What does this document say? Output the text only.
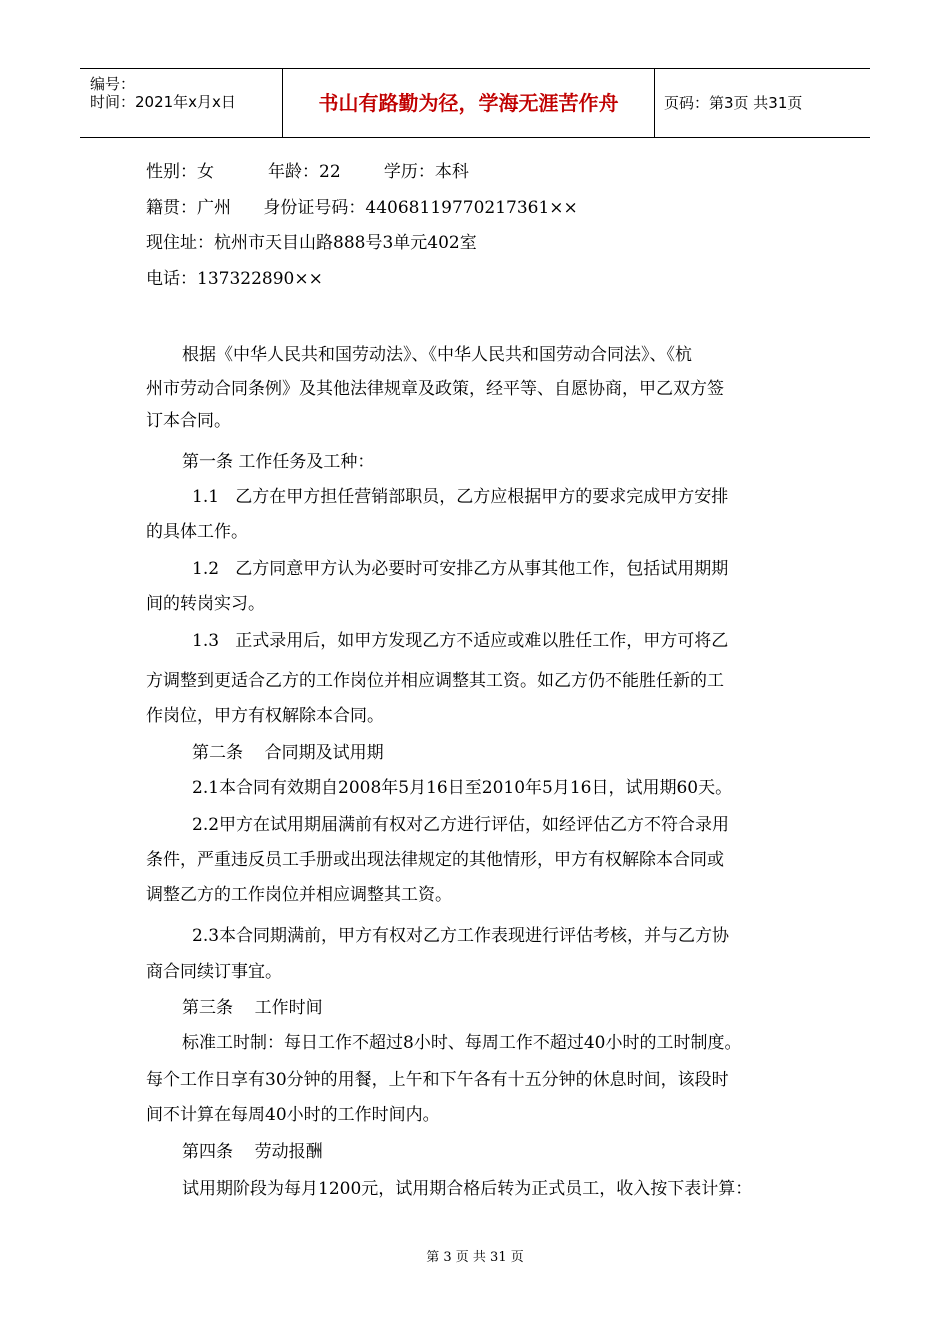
编号：
时间：2021年x月x日	书山有路勤为径，学海无涯苦作舟	页码：第3页 共31页
性别：女          年龄：22        学历：本科
籍贯：广州      身份证号码：44068119770217361××
现住址：杭州市天目山路888号3单元402室
电话：137322890××
根据《中华人民共和国劳动法》、《中华人民共和国劳动合同法》、《杭
州市劳动合同条例》及其他法律规章及政策，经平等、自愿协商，甲乙双方签
订本合同。
第一条 工作任务及工种：
1.1   乙方在甲方担任营销部职员，乙方应根据甲方的要求完成甲方安排
的具体工作。
1.2   乙方同意甲方认为必要时可安排乙方从事其他工作，包括试用期期
间的转岗实习。
1.3   正式录用后，如甲方发现乙方不适应或难以胜任工作，甲方可将乙
方调整到更适合乙方的工作岗位并相应调整其工资。如乙方仍不能胜任新的工
作岗位，甲方有权解除本合同。
第二条    合同期及试用期
2.1本合同有效期自2008年5月16日至2010年5月16日，试用期60天。
2.2甲方在试用期届满前有权对乙方进行评估，如经评估乙方不符合录用
条件，严重违反员工手册或出现法律规定的其他情形，甲方有权解除本合同或
调整乙方的工作岗位并相应调整其工资。
2.3本合同期满前，甲方有权对乙方工作表现进行评估考核，并与乙方协
商合同续订事宜。
第三条    工作时间
标准工时制：每日工作不超过8小时、每周工作不超过40小时的工时制度。
每个工作日享有30分钟的用餐，上午和下午各有十五分钟的休息时间，该段时
间不计算在每周40小时的工作时间内。
第四条    劳动报酬
试用期阶段为每月1200元，试用期合格后转为正式员工，收入按下表计算：
第 3 页 共 31 页
